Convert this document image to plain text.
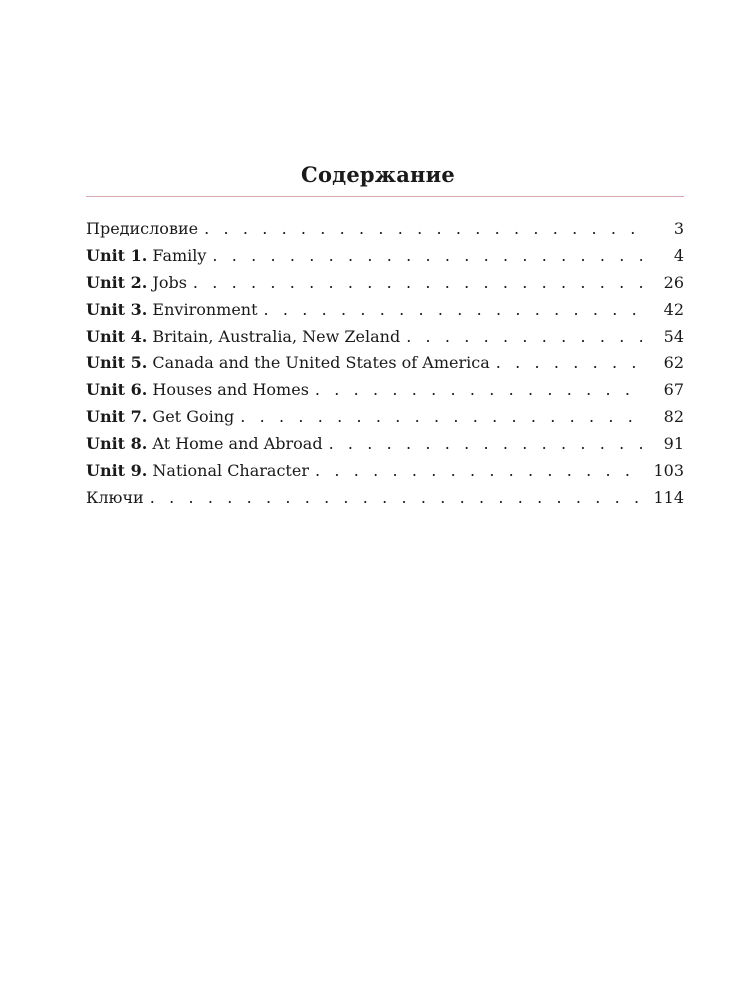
Содержание
Предисловие . . .	3
Unit 1. Family . . .	4
Unit 2. Jobs . . .	26
Unit 3. Environment . . .	42
Unit 4. Britain, Australia, New Zeland . . .	54
Unit 5. Canada and the United States of America . . .	62
Unit 6. Houses and Homes . . .	67
Unit 7. Get Going . . .	82
Unit 8. At Home and Abroad . . .	91
Unit 9. National Character . . .	103
Ключи . . .	114
